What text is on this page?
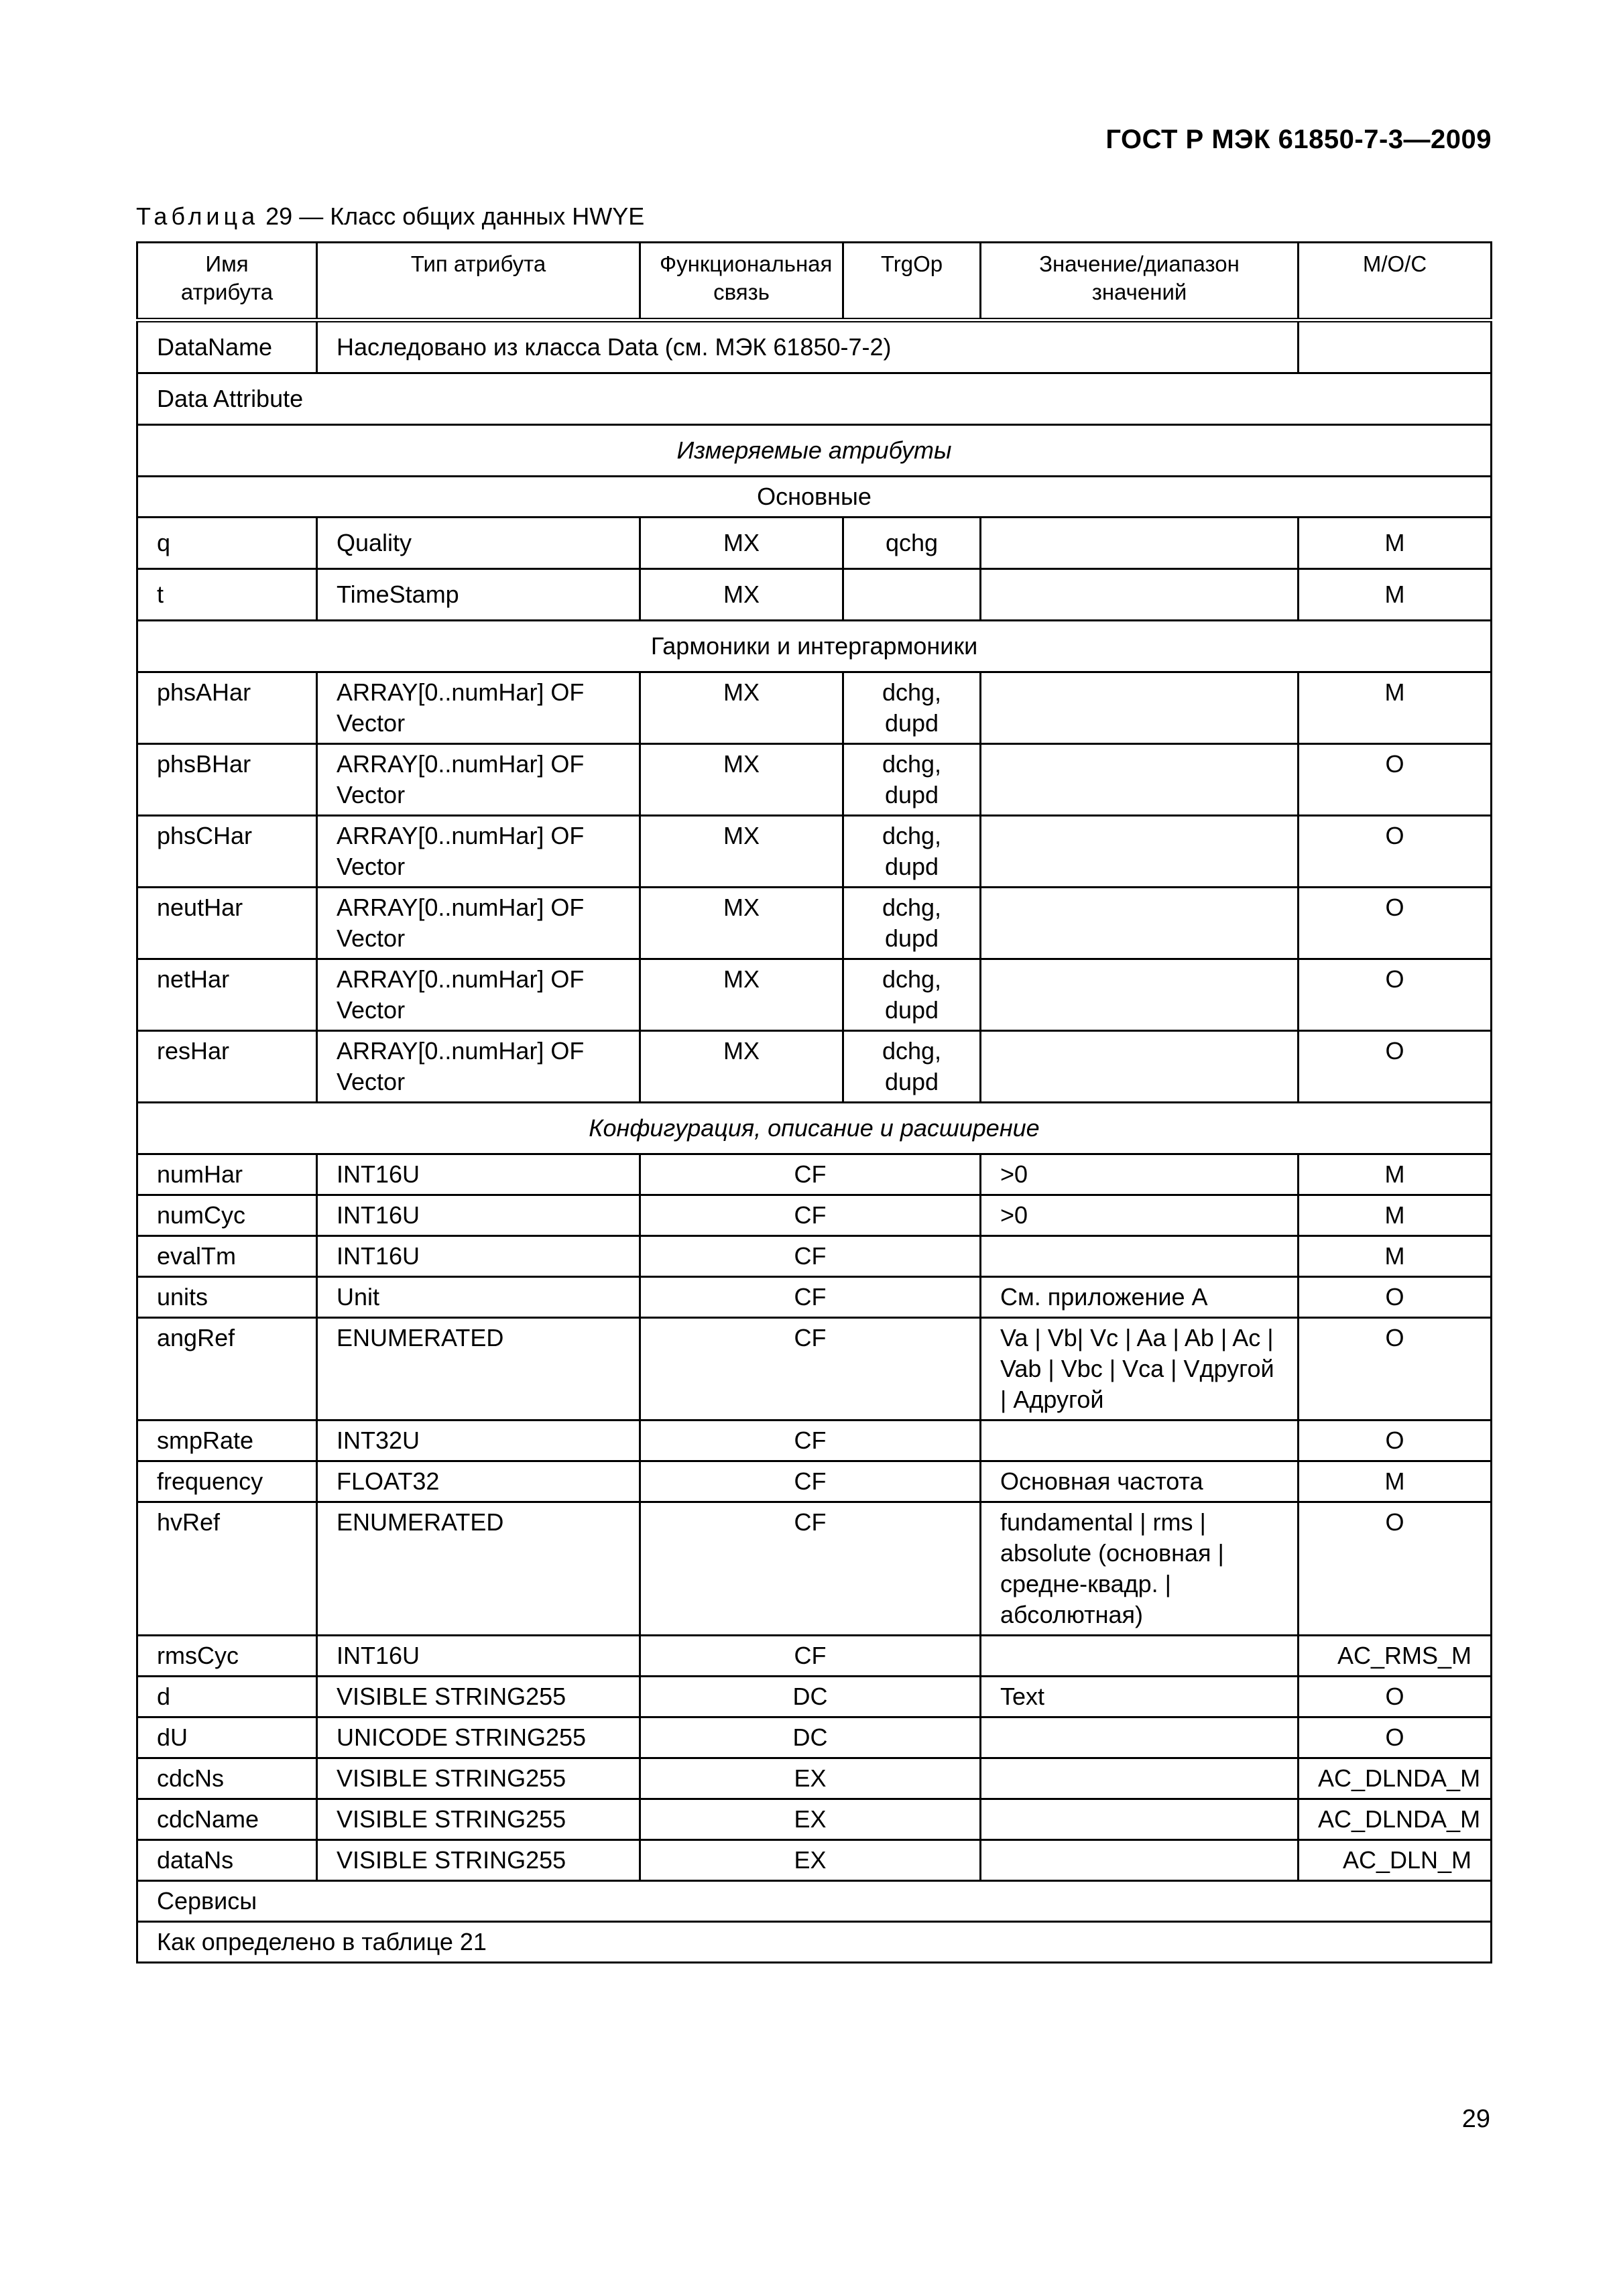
ГОСТ Р МЭК 61850-7-3—2009
Таблица 29 — Класс общих данных HWYE
Имя атрибута	Тип атрибута	Функциональная связь	TrgOp	Значение/диапазон значений	M/O/C
DataName	Наследовано из класса Data (см. МЭК 61850-7-2)				
Data Attribute					
Измеряемые атрибуты					
Основные					
q	Quality	MX	qchg		M
t	TimeStamp	MX			M
Гармоники и интергармоники					
phsAHar	ARRAY[0..numHar] OF Vector	MX	dchg, dupd		M
phsBHar	ARRAY[0..numHar] OF Vector	MX	dchg, dupd		O
phsCHar	ARRAY[0..numHar] OF Vector	MX	dchg, dupd		O
neutHar	ARRAY[0..numHar] OF Vector	MX	dchg, dupd		O
netHar	ARRAY[0..numHar] OF Vector	MX	dchg, dupd		O
resHar	ARRAY[0..numHar] OF Vector	MX	dchg, dupd		O
Конфигурация, описание и расширение					
numHar	INT16U	CF		>0	M
numCyc	INT16U	CF		>0	M
evalTm	INT16U	CF			M
units	Unit	CF		См. приложение А	O
angRef	ENUMERATED	CF		Va | Vb| Vc | Aa | Ab | Ac | Vab | Vbc | Vca | Vдругой | Aдругой	O
smpRate	INT32U	CF			O
frequency	FLOAT32	CF		Основная частота	M
hvRef	ENUMERATED	CF		fundamental | rms | absolute (основная | средне-квадр. | абсолютная)	O
rmsCyc	INT16U	CF			AC_RMS_M
d	VISIBLE STRING255	DC		Text	O
dU	UNICODE STRING255	DC			O
cdcNs	VISIBLE STRING255	EX			AC_DLNDA_M
cdcName	VISIBLE STRING255	EX			AC_DLNDA_M
dataNs	VISIBLE STRING255	EX			AC_DLN_M
Сервисы					
Как определено в таблице 21					
29
